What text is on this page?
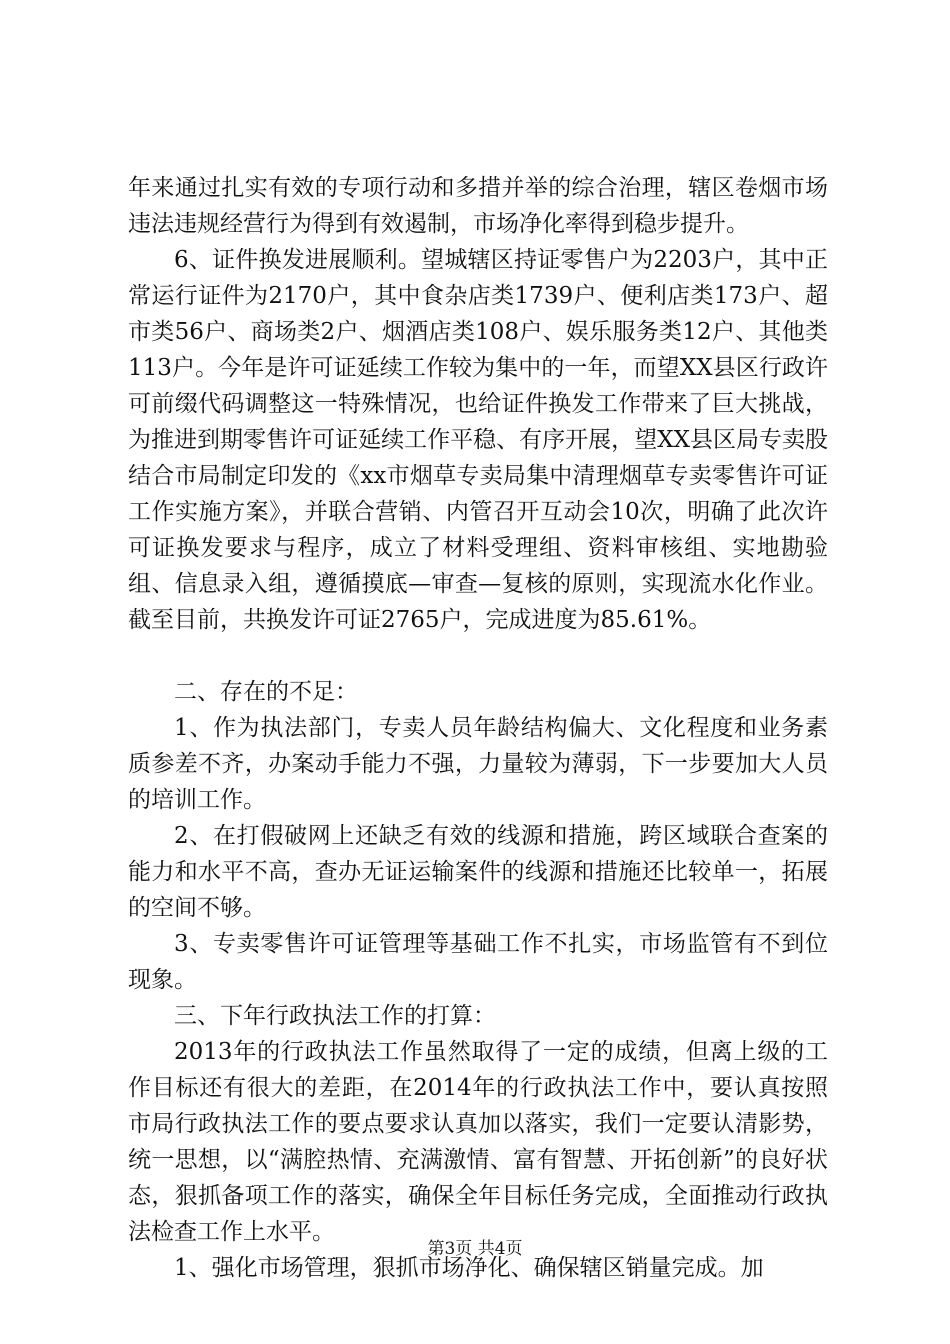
年来通过扎实有效的专项行动和多措并举的综合治理，辖区卷烟市场违法违规经营行为得到有效遏制，市场净化率得到稳步提升。

6、证件换发进展顺利。望城辖区持证零售户为2203户，其中正常运行证件为2170户，其中食杂店类1739户、便利店类173户、超市类56户、商场类2户、烟酒店类108户、娱乐服务类12户、其他类113户。今年是许可证延续工作较为集中的一年，而望XX县区行政许可前缀代码调整这一特殊情况，也给证件换发工作带来了巨大挑战，为推进到期零售许可证延续工作平稳、有序开展，望XX县区局专卖股结合市局制定印发的《xx市烟草专卖局集中清理烟草专卖零售许可证工作实施方案》，并联合营销、内管召开互动会10次，明确了此次许可证换发要求与程序，成立了材料受理组、资料审核组、实地勘验组、信息录入组，遵循摸底—审查—复核的原则，实现流水化作业。截至目前，共换发许可证2765户，完成进度为85.61%。

二、存在的不足：

1、作为执法部门，专卖人员年龄结构偏大、文化程度和业务素质参差不齐，办案动手能力不强，力量较为薄弱，下一步要加大人员的培训工作。

2、在打假破网上还缺乏有效的线源和措施，跨区域联合查案的能力和水平不高，查办无证运输案件的线源和措施还比较单一，拓展的空间不够。

3、专卖零售许可证管理等基础工作不扎实，市场监管有不到位现象。

三、下年行政执法工作的打算：

2013年的行政执法工作虽然取得了一定的成绩，但离上级的工作目标还有很大的差距，在2014年的行政执法工作中，要认真按照市局行政执法工作的要点要求认真加以落实，我们一定要认清影势，统一思想，以“满腔热情、充满激情、富有智慧、开拓创新”的良好状态，狠抓备项工作的落实，确保全年目标任务完成，全面推动行政执法检查工作上水平。

1、强化市场管理，狠抓市场净化、确保辖区销量完成。加

第3页 共4页
